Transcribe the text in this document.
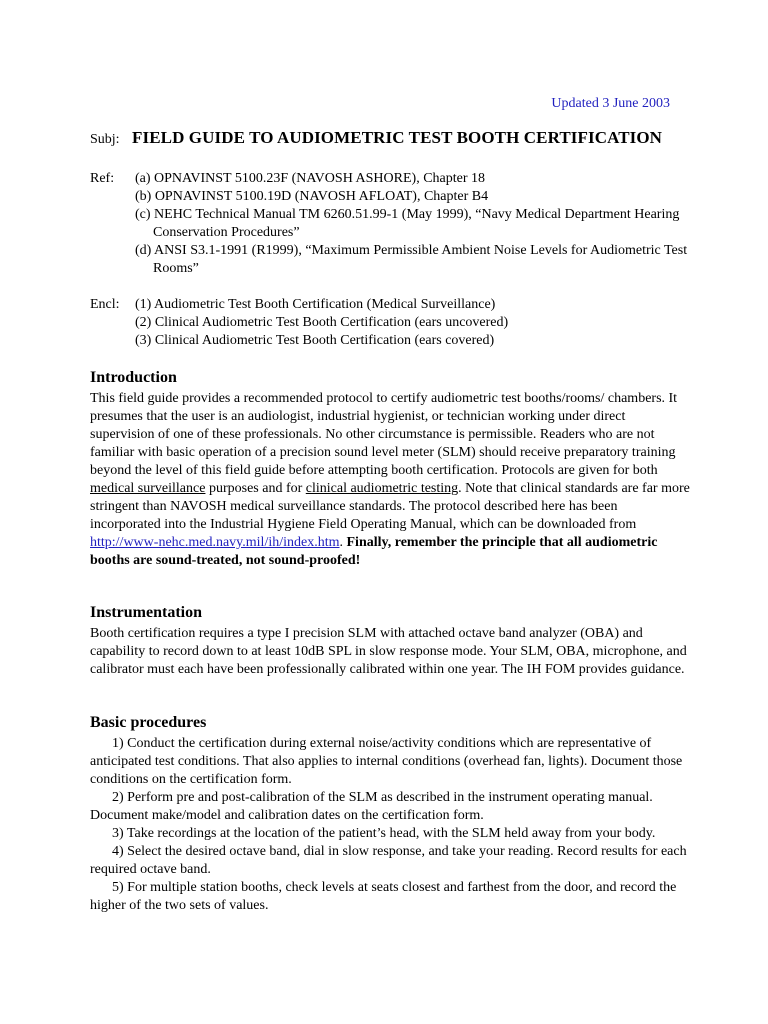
Updated 3 June 2003
Subj: FIELD GUIDE TO AUDIOMETRIC TEST BOOTH CERTIFICATION
Ref:	(a) OPNAVINST 5100.23F (NAVOSH ASHORE), Chapter 18
(b) OPNAVINST 5100.19D (NAVOSH AFLOAT), Chapter B4
(c) NEHC Technical Manual TM 6260.51.99-1 (May 1999), “Navy Medical Department Hearing Conservation Procedures”
(d) ANSI S3.1-1991 (R1999), “Maximum Permissible Ambient Noise Levels for Audiometric Test Rooms”
Encl:	(1) Audiometric Test Booth Certification (Medical Surveillance)
(2) Clinical Audiometric Test Booth Certification (ears uncovered)
(3) Clinical Audiometric Test Booth Certification (ears covered)
Introduction

This field guide provides a recommended protocol to certify audiometric test booths/rooms/ chambers. It presumes that the user is an audiologist, industrial hygienist, or technician working under direct supervision of one of these professionals. No other circumstance is permissible. Readers who are not familiar with basic operation of a precision sound level meter (SLM) should receive preparatory training beyond the level of this field guide before attempting booth certification. Protocols are given for both medical surveillance purposes and for clinical audiometric testing. Note that clinical standards are far more stringent than NAVOSH medical surveillance standards. The protocol described here has been incorporated into the Industrial Hygiene Field Operating Manual, which can be downloaded from http://www-nehc.med.navy.mil/ih/index.htm. Finally, remember the principle that all audiometric booths are sound-treated, not sound-proofed!

Instrumentation

Booth certification requires a type I precision SLM with attached octave band analyzer (OBA) and capability to record down to at least 10dB SPL in slow response mode. Your SLM, OBA, microphone, and calibrator must each have been professionally calibrated within one year. The IH FOM provides guidance.

Basic procedures
1) Conduct the certification during external noise/activity conditions which are representative of anticipated test conditions. That also applies to internal conditions (overhead fan, lights). Document those conditions on the certification form.
2) Perform pre and post-calibration of the SLM as described in the instrument operating manual. Document make/model and calibration dates on the certification form.
3) Take recordings at the location of the patient’s head, with the SLM held away from your body.
4) Select the desired octave band, dial in slow response, and take your reading. Record results for each required octave band.
5) For multiple station booths, check levels at seats closest and farthest from the door, and record the higher of the two sets of values.
